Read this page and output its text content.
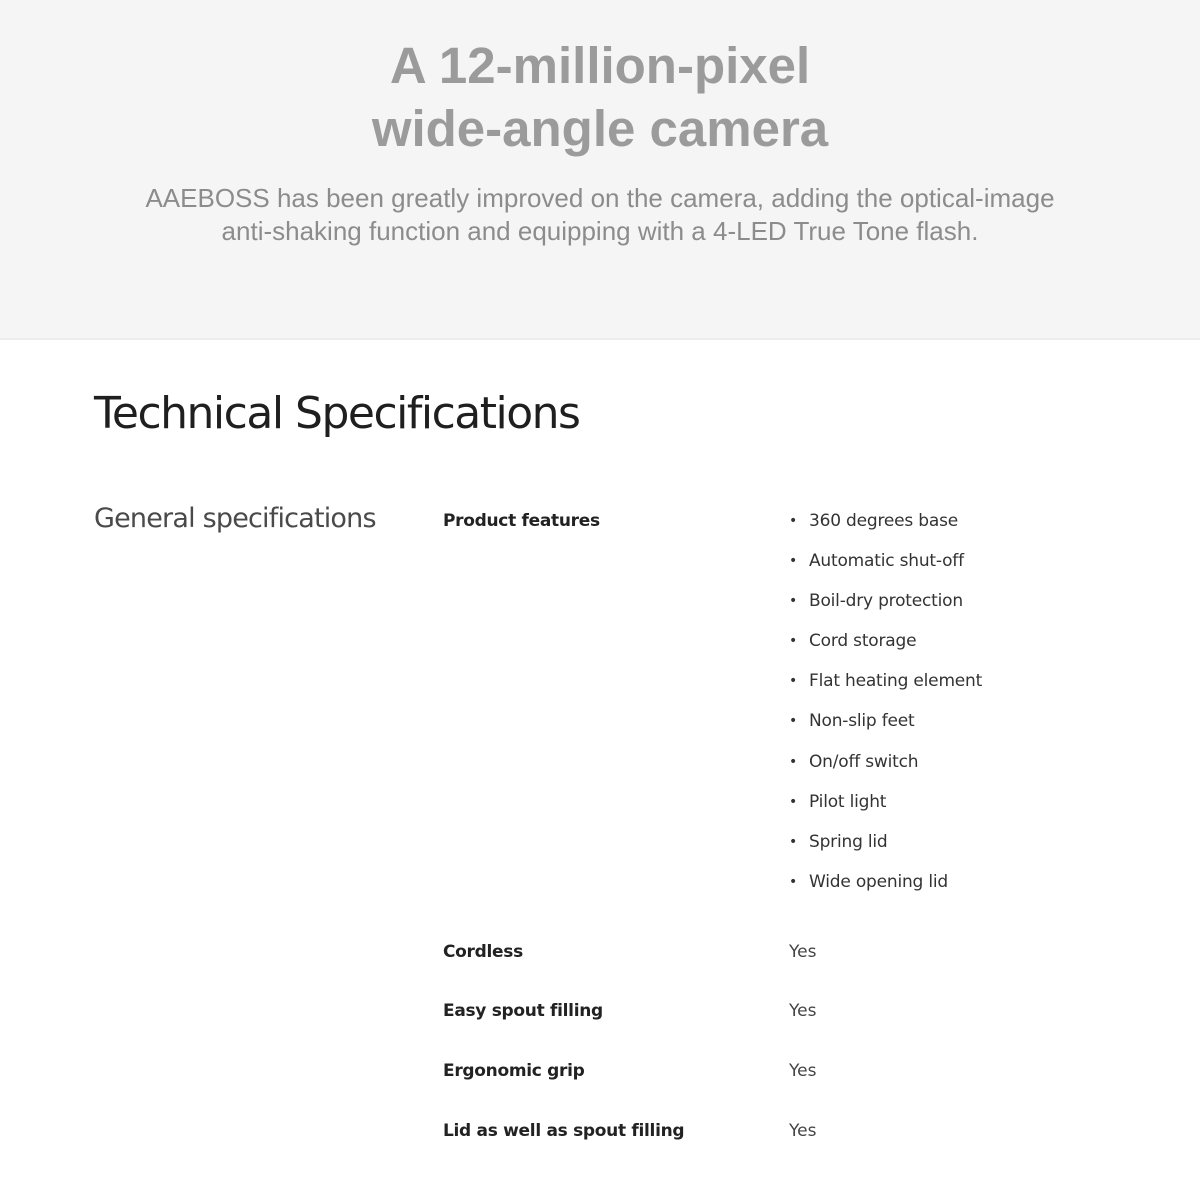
A 12-million-pixel
wide-angle camera

AAEBOSS has been greatly improved on the camera, adding the optical-image
anti-shaking function and equipping with a 4-LED True Tone flash.

Technical Specifications
General specifications	Product features	• 360 degrees base
• Automatic shut-off
• Boil-dry protection
• Cord storage
• Flat heating element
• Non-slip feet
• On/off switch
• Pilot light
• Spring lid
• Wide opening lid
Cordless	Yes
Easy spout filling	Yes
Ergonomic grip	Yes
Lid as well as spout filling	Yes
